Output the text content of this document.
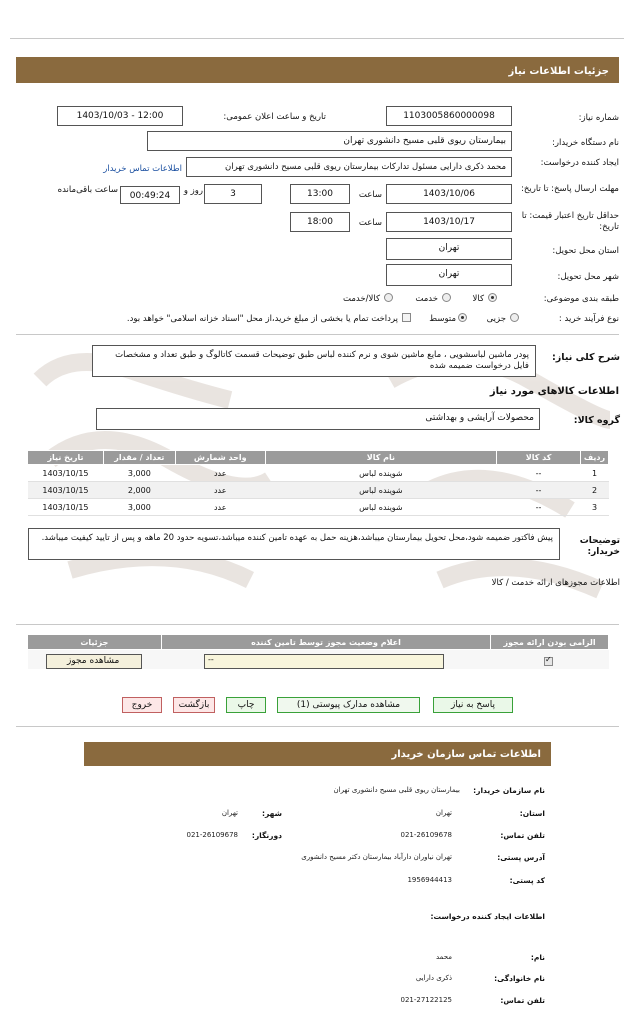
جزئیات اطلاعات نیاز
شماره نیاز:
1103005860000098
تاریخ و ساعت اعلان عمومی:
1403/10/03 - 12:00
نام دستگاه خریدار:
بیمارستان ریوی قلبی مسیح دانشوری تهران
ایجاد کننده درخواست:
محمد ذکری دارایی مسئول تدارکات بیمارستان ریوی قلبی مسیح دانشوری تهران
اطلاعات تماس خریدار
مهلت ارسال پاسخ: تا تاریخ:
1403/10/06
ساعت
13:00
3
روز و
00:49:24
ساعت باقی‌مانده
حداقل تاریخ اعتبار قیمت: تا تاریخ:
1403/10/17
ساعت
18:00
استان محل تحویل:
تهران
شهر محل تحویل:
تهران
طبقه بندی موضوعی:
کالا
خدمت
کالا/خدمت
نوع فرآیند خرید :
جزیی
متوسط
پرداخت تمام یا بخشی از مبلغ خرید،از محل "اسناد خزانه اسلامی" خواهد بود.
شرح کلی نیاز:
پودر ماشین لباسشویی ، مایع ماشین شوی و نرم کننده لباس طبق توضیحات قسمت کاتالوگ و طبق تعداد و مشخصات فایل درخواست ضمیمه شده
اطلاعات کالاهای مورد نیاز
گروه کالا:
محصولات آرایشی و بهداشتی
تاریخ نیاز	تعداد / مقدار	واحد شمارش	نام کالا	کد کالا	ردیف
1403/10/15	3,000	عدد	شوینده لباس	--	1
1403/10/15	2,000	عدد	شوینده لباس	--	2
1403/10/15	3,000	عدد	شوینده لباس	--	3
توضیحات خریدار:
پیش فاکتور ضمیمه شود،محل تحویل بیمارستان میباشد،هزینه حمل به عهده تامین کننده میباشد،تسویه حدود 20 ماهه و پس از تایید کیفیت میباشد.
اطلاعات مجوزهای ارائه خدمت / کالا
جزئیات	اعلام وضعیت مجوز توسط تامین کننده	الزامی بودن ارائه مجوز

مشاهده مجوز	--	✓
پاسخ به نیاز
مشاهده مدارک پیوستی (1)
چاپ
بازگشت
خروج
اطلاعات تماس سازمان خریدار
نام سازمان خریدار:
بیمارستان ریوی قلبی مسیح دانشوری تهران
استان:
تهران
شهر:
تهران
تلفن تماس:
021-26109678
دورنگار:
021-26109678
آدرس پستی:
تهران نیاوران دارآباد بیمارستان دکتر مسیح دانشوری
کد پستی:
1956944413
اطلاعات ایجاد کننده درخواست:
نام:
محمد
نام خانوادگی:
ذکری دارایی
تلفن تماس:
021-27122125
